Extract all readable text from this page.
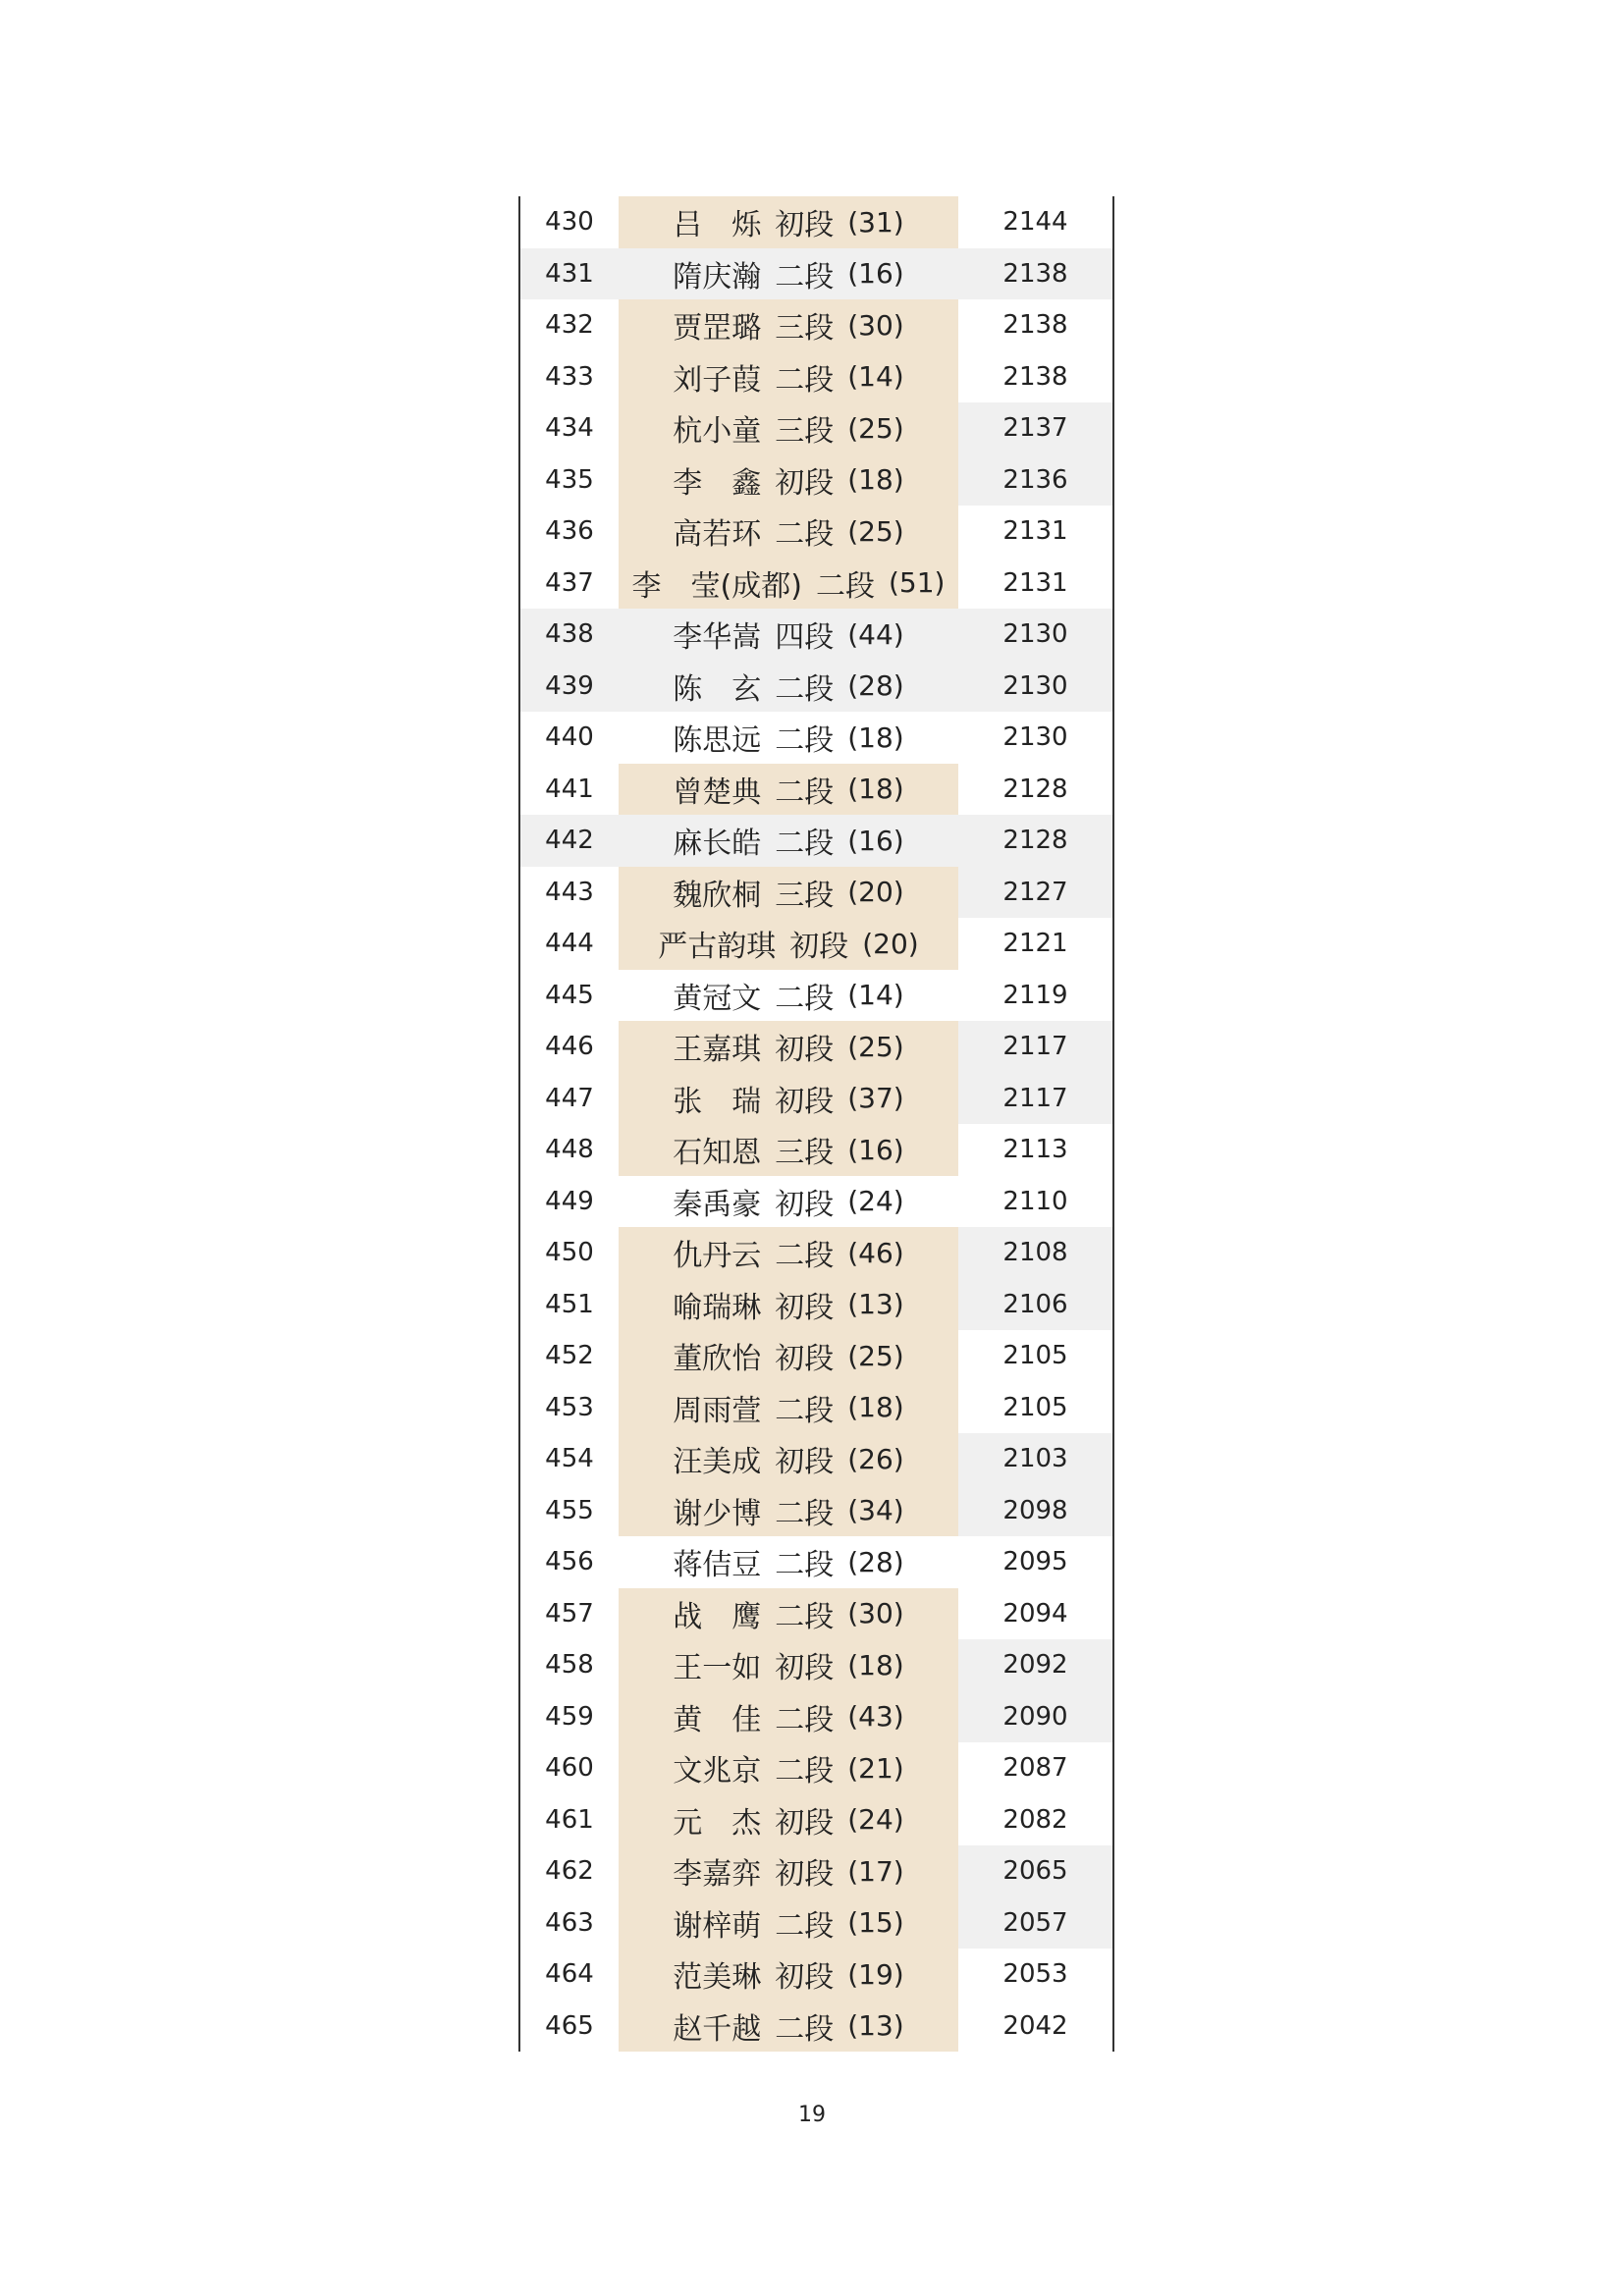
430	吕　烁 初段 (31)	2144
431	隋庆瀚 二段 (16)	2138
432	贾罡璐 三段 (30)	2138
433	刘子葭 二段 (14)	2138
434	杭小童 三段 (25)	2137
435	李　鑫 初段 (18)	2136
436	高若环 二段 (25)	2131
437	李　莹(成都) 二段 (51)	2131
438	李华嵩 四段 (44)	2130
439	陈　玄 二段 (28)	2130
440	陈思远 二段 (18)	2130
441	曾楚典 二段 (18)	2128
442	麻长皓 二段 (16)	2128
443	魏欣桐 三段 (20)	2127
444	严古韵琪 初段 (20)	2121
445	黄冠文 二段 (14)	2119
446	王嘉琪 初段 (25)	2117
447	张　瑞 初段 (37)	2117
448	石知恩 三段 (16)	2113
449	秦禹豪 初段 (24)	2110
450	仇丹云 二段 (46)	2108
451	喻瑞琳 初段 (13)	2106
452	董欣怡 初段 (25)	2105
453	周雨萱 二段 (18)	2105
454	汪美成 初段 (26)	2103
455	谢少博 二段 (34)	2098
456	蒋佶豆 二段 (28)	2095
457	战　鹰 二段 (30)	2094
458	王一如 初段 (18)	2092
459	黄　佳 二段 (43)	2090
460	文兆京 二段 (21)	2087
461	元　杰 初段 (24)	2082
462	李嘉弈 初段 (17)	2065
463	谢梓萌 二段 (15)	2057
464	范美琳 初段 (19)	2053
465	赵千越 二段 (13)	2042
19
